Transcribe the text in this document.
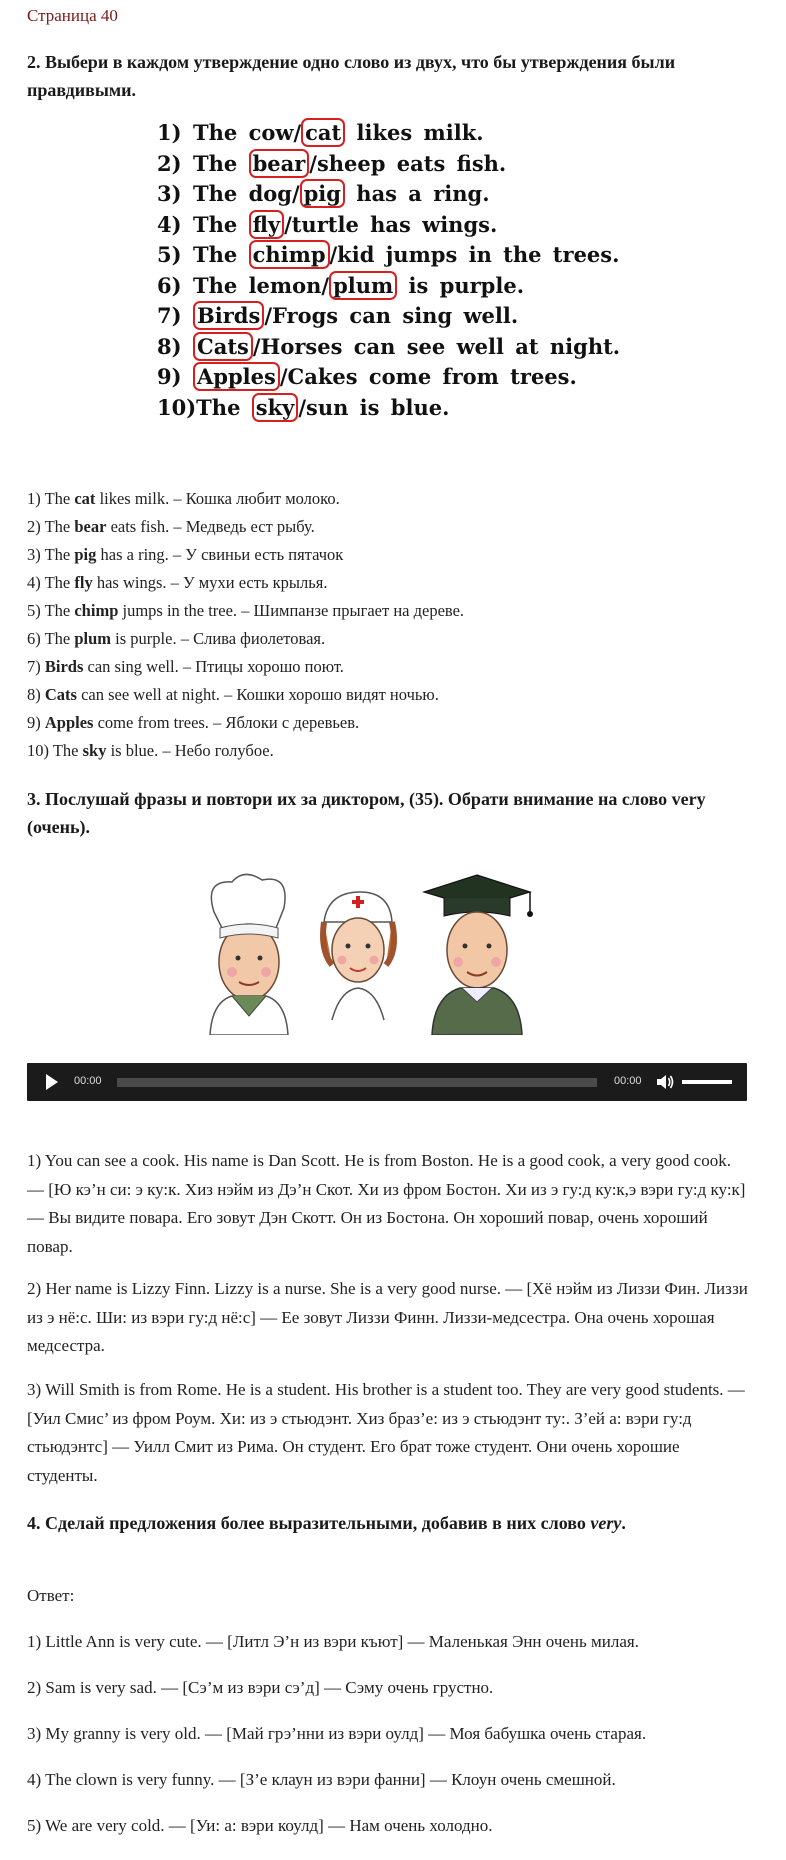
Страница 40
2. Выбери в каждом утверждение одно слово из двух, что бы утверждения были правдивыми.
1) The cow/ cat likes milk.
2) The bear /sheep eats fish.
3) The dog/ pig has a ring.
4) The fly /turtle has wings.
5) The chimp /kid jumps in the trees.
6) The lemon/ plum is purple.
7) Birds /Frogs can sing well.
8) Cats /Horses can see well at night.
9) Apples /Cakes come from trees.
10)The sky /sun is blue.
1) The cat likes milk. – Кошка любит молоко.
2) The bear eats fish. – Медведь ест рыбу.
3) The pig has a ring. – У свиньи есть пятачок
4) The fly has wings. – У мухи есть крылья.
5) The chimp jumps in the tree. – Шимпанзе прыгает на дереве.
6) The plum is purple. – Слива фиолетовая.
7) Birds can sing well. – Птицы хорошо поют.
8) Cats can see well at night. – Кошки хорошо видят ночью.
9) Apples come from trees. – Яблоки с деревьев.
10) The sky is blue. – Небо голубое.
3. Послушай фразы и повтори их за диктором, (35). Обрати внимание на слово very (очень).
00:00	00:00
1) You can see a cook. His name is Dan Scott. He is from Boston. He is a good cook, a very good cook. — [Ю кэ’н си: э ку:к. Хиз нэйм из Дэ’н Скот. Хи из фром Бостон. Хи из э гу:д ку:к,э вэри гу:д ку:к] — Вы видите повара. Его зовут Дэн Скотт. Он из Бостона. Он хороший повар, очень хороший повар.
2) Her name is Lizzy Finn. Lizzy is a nurse. She is a very good nurse. — [Хё нэйм из Лиззи Фин. Лиззи из э нё:с. Ши: из вэри гу:д нё:с] — Ее зовут Лиззи Финн. Лиззи-медсестра. Она очень хорошая медсестра.
3) Will Smith is from Rome. He is a student. His brother is a student too. They are very good students. — [Уил Смис’ из фром Роум. Хи: из э стьюдэнт. Хиз браз’е: из э стьюдэнт ту:. З’ей а: вэри гу:д стьюдэнтс] — Уилл Смит из Рима. Он студент. Его брат тоже студент. Они очень хорошие студенты.
4. Сделай предложения более выразительными, добавив в них слово very.
Ответ:
1) Little Ann is very cute. — [Литл Э’н из вэри къют] — Маленькая Энн очень милая.
2) Sam is very sad. — [Сэ’м из вэри сэ’д] — Сэму очень грустно.
3) My granny is very old. — [Май грэ’нни из вэри оулд] — Моя бабушка очень старая.
4) The clown is very funny. — [З’е клаун из вэри фанни] — Клоун очень смешной.
5) We are very cold. — [Уи: а: вэри коулд] — Нам очень холодно.
